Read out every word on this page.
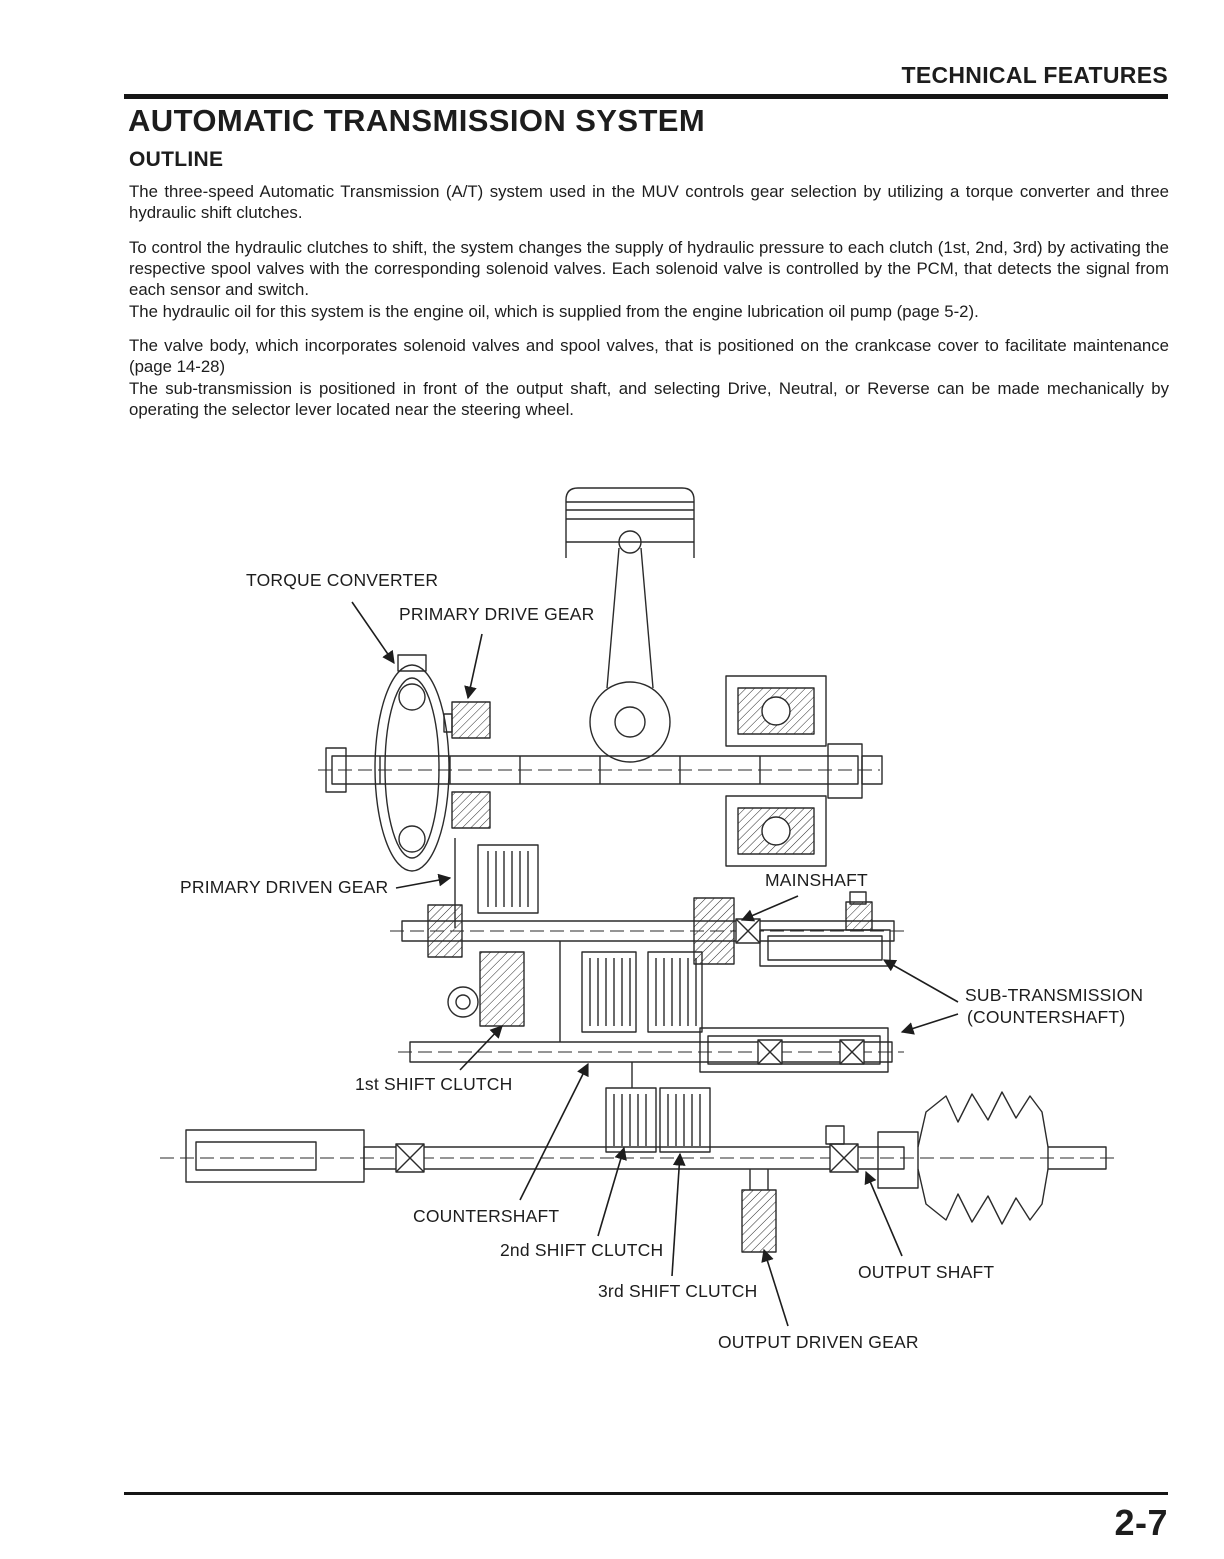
TECHNICAL FEATURES
AUTOMATIC TRANSMISSION SYSTEM
OUTLINE

The three-speed Automatic Transmission (A/T) system used in the MUV controls gear selection by utilizing a torque converter and three hydraulic shift clutches.

To control the hydraulic clutches to shift, the system changes the supply of hydraulic pressure to each clutch (1st, 2nd, 3rd) by activating the respective spool valves with the corresponding solenoid valves. Each solenoid valve is controlled by the PCM, that detects the signal from each sensor and switch.

The hydraulic oil for this system is the engine oil, which is supplied from the engine lubrication oil pump (page 5-2).

The valve body, which incorporates solenoid valves and spool valves, that is positioned on the crankcase cover to facilitate maintenance (page 14-28)

The sub-transmission is positioned in front of the output shaft, and selecting Drive, Neutral, or Reverse can be made mechanically by operating the selector lever located near the steering wheel.

TORQUE CONVERTER
PRIMARY DRIVE GEAR
PRIMARY DRIVEN GEAR	MAINSHAFT
SUB-TRANSMISSION
(COUNTERSHAFT)
1st SHIFT CLUTCH
COUNTERSHAFT
2nd SHIFT CLUTCH
3rd SHIFT CLUTCH
OUTPUT SHAFT
OUTPUT DRIVEN GEAR
2-7
